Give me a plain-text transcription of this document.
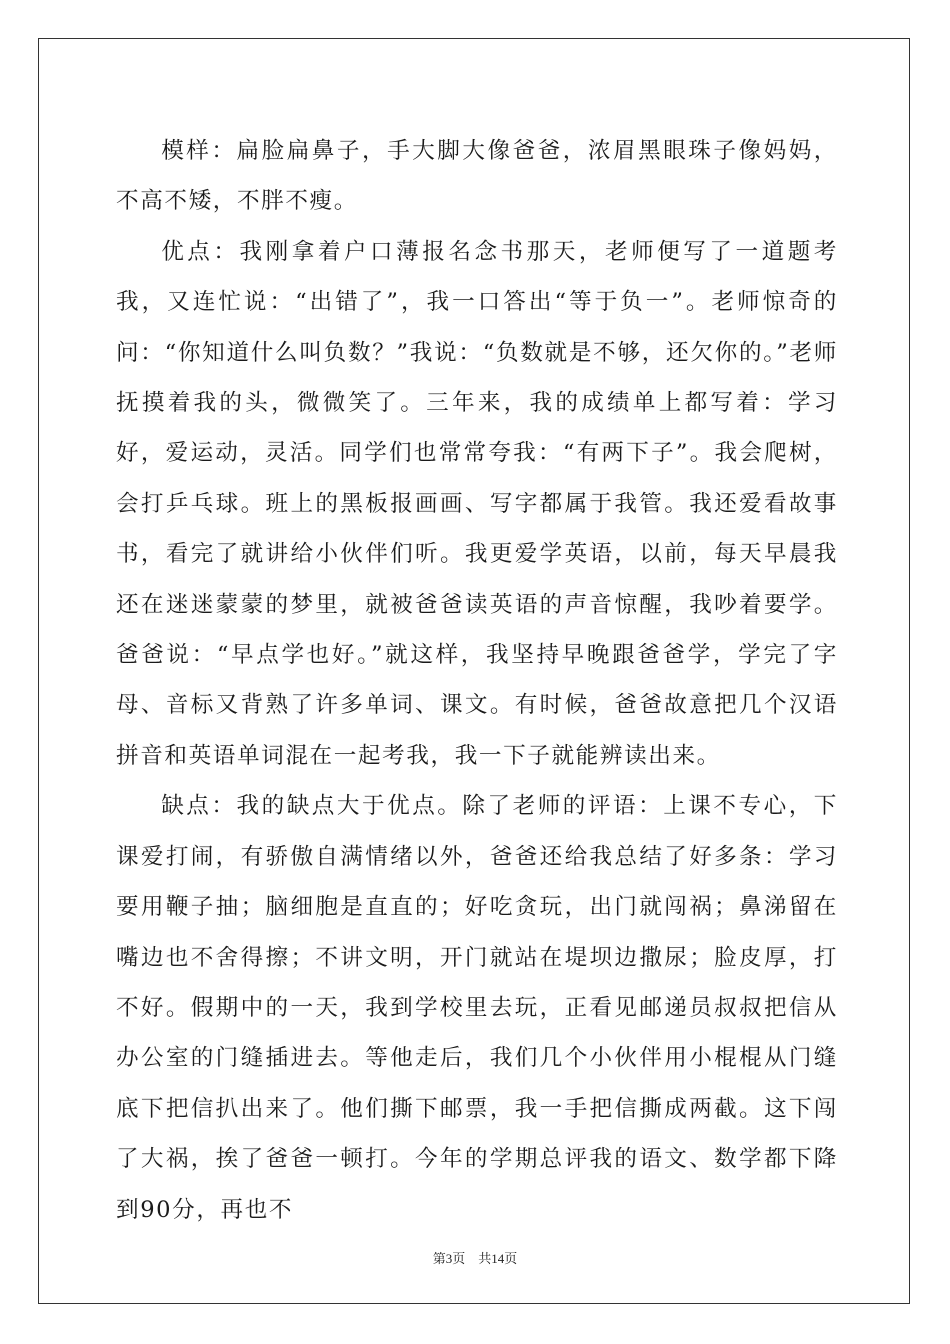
模样：扁脸扁鼻子，手大脚大像爸爸，浓眉黑眼珠子像妈妈，不高不矮，不胖不瘦。

优点：我刚拿着户口薄报名念书那天，老师便写了一道题考我，又连忙说：“出错了”，我一口答出“等于负一”。老师惊奇的问：“你知道什么叫负数？”我说：“负数就是不够，还欠你的。”老师抚摸着我的头，微微笑了。三年来，我的成绩单上都写着：学习好，爱运动，灵活。同学们也常常夸我：“有两下子”。我会爬树，会打乒乓球。班上的黑板报画画、写字都属于我管。我还爱看故事书，看完了就讲给小伙伴们听。我更爱学英语，以前，每天早晨我还在迷迷蒙蒙的梦里，就被爸爸读英语的声音惊醒，我吵着要学。爸爸说：“早点学也好。”就这样，我坚持早晚跟爸爸学，学完了字母、音标又背熟了许多单词、课文。有时候，爸爸故意把几个汉语拼音和英语单词混在一起考我，我一下子就能辨读出来。

缺点：我的缺点大于优点。除了老师的评语：上课不专心，下课爱打闹，有骄傲自满情绪以外，爸爸还给我总结了好多条：学习要用鞭子抽；脑细胞是直直的；好吃贪玩，出门就闯祸；鼻涕留在嘴边也不舍得擦；不讲文明，开门就站在堤坝边撒尿；脸皮厚，打不好。假期中的一天，我到学校里去玩，正看见邮递员叔叔把信从办公室的门缝插进去。等他走后，我们几个小伙伴用小棍棍从门缝底下把信扒出来了。他们撕下邮票，我一手把信撕成两截。这下闯了大祸，挨了爸爸一顿打。今年的学期总评我的语文、数学都下降到90分，再也不

第3页 共14页
